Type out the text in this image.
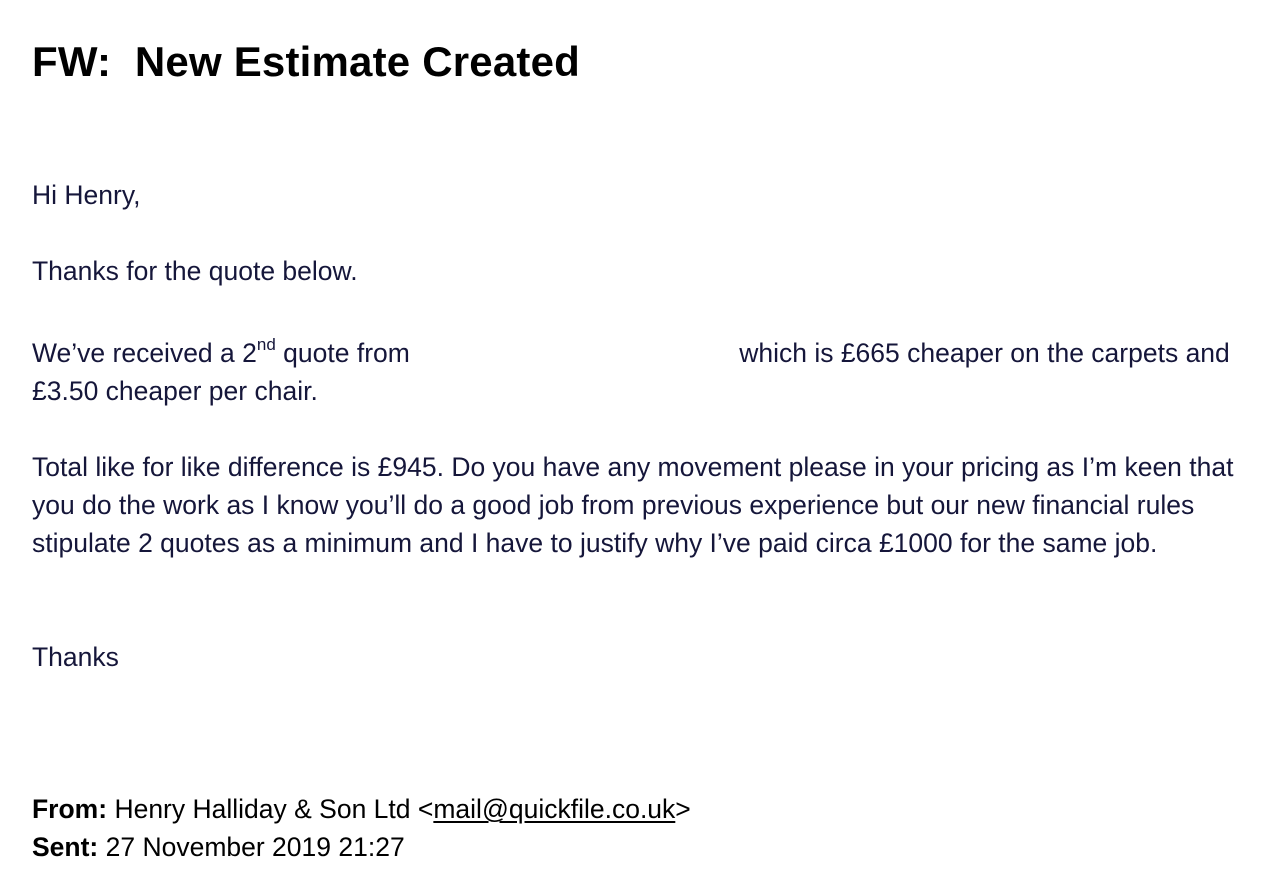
FW:  New Estimate Created

Hi Henry,

Thanks for the quote below.

We’ve received a 2nd quote from	which is £665 cheaper on the carpets and £3.50 cheaper per chair.

Total like for like difference is £945. Do you have any movement please in your pricing as I’m keen that you do the work as I know you’ll do a good job from previous experience but our new financial rules stipulate 2 quotes as a minimum and I have to justify why I’ve paid circa £1000 for the same job.

Thanks

From: Henry Halliday & Son Ltd <mail@quickfile.co.uk>

Sent: 27 November 2019 21:27
